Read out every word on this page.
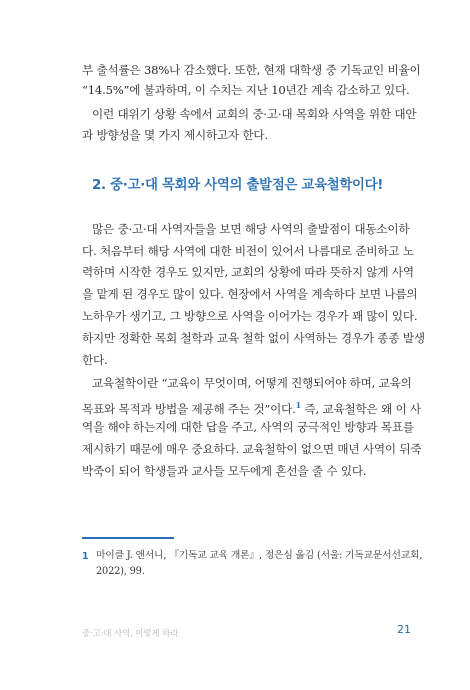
부 출석률은 38%나 감소했다. 또한, 현재 대학생 중 기독교인 비율이
“14.5%”에 불과하며, 이 수치는 지난 10년간 계속 감소하고 있다.
이런 대위기 상황 속에서 교회의 중·고·대 목회와 사역을 위한 대안
과 방향성을 몇 가지 제시하고자 한다.
2. 중·고·대 목회와 사역의 출발점은 교육철학이다!
많은 중·고·대 사역자들을 보면 해당 사역의 출발점이 대동소이하
다. 처음부터 해당 사역에 대한 비전이 있어서 나름대로 준비하고 노
력하며 시작한 경우도 있지만, 교회의 상황에 따라 뜻하지 않게 사역
을 맡게 된 경우도 많이 있다. 현장에서 사역을 계속하다 보면 나름의
노하우가 생기고, 그 방향으로 사역을 이어가는 경우가 꽤 많이 있다.
하지만 정확한 목회 철학과 교육 철학 없이 사역하는 경우가 종종 발생
한다.
교육철학이란 “교육이 무엇이며, 어떻게 진행되어야 하며, 교육의
목표와 목적과 방법을 제공해 주는 것”이다.$^1$ 즉, 교육철학은 왜 이 사
역을 해야 하는지에 대한 답을 주고, 사역의 궁극적인 방향과 목표를
제시하기 때문에 매우 중요하다. 교육철학이 없으면 매년 사역이 뒤죽
박죽이 되어 학생들과 교사들 모두에게 혼선을 줄 수 있다.
1 마이클 J. 앤서니, 『기독교 교육 개론』, 정은심 옮김 (서울: 기독교문서선교회,
2022), 99.
중·고·대 사역, 이렇게 하라	21
